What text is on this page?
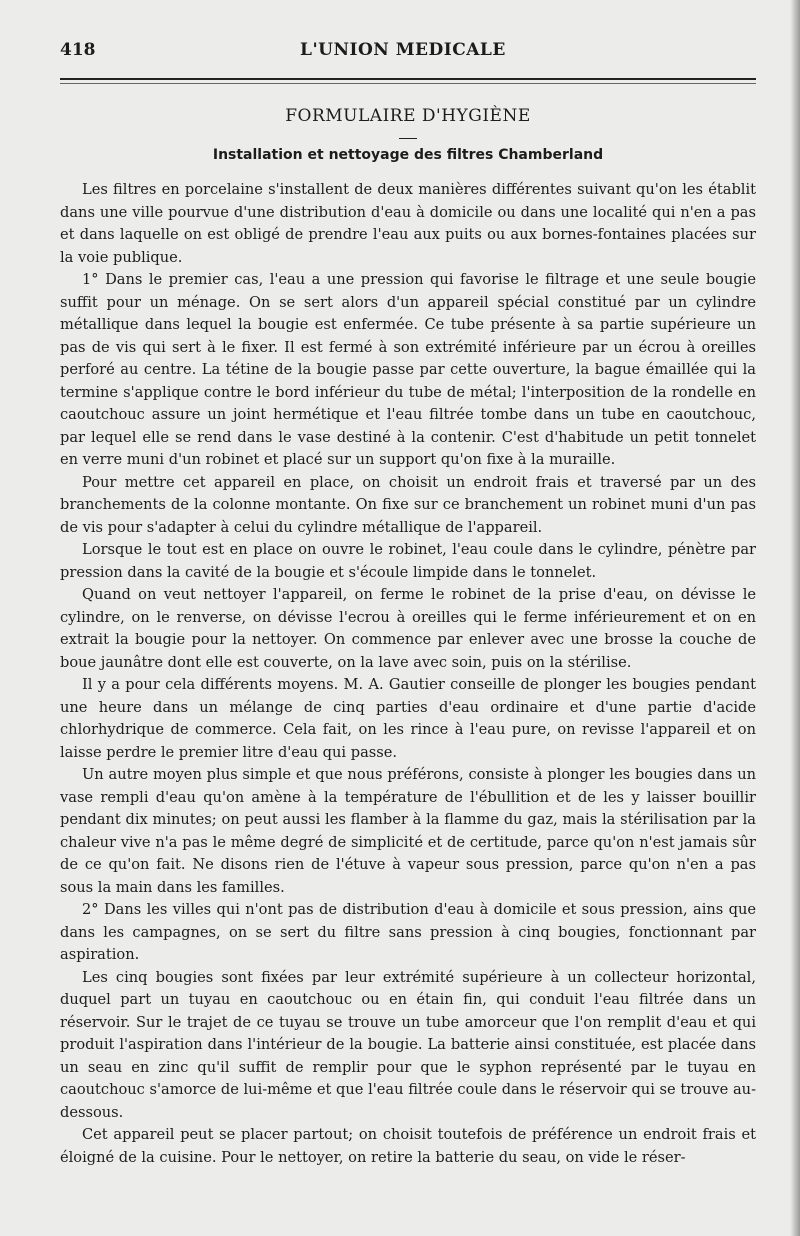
418	L'UNION MEDICALE
FORMULAIRE D'HYGIÈNE
Installation et nettoyage des filtres Chamberland

Les filtres en porcelaine s'installent de deux manières différentes suivant qu'on les établit dans une ville pourvue d'une distribution d'eau à domicile ou dans une localité qui n'en a pas et dans laquelle on est obligé de prendre l'eau aux puits ou aux bornes-fontaines placées sur la voie publique.

1° Dans le premier cas, l'eau a une pression qui favorise le filtrage et une seule bougie suffit pour un ménage. On se sert alors d'un appareil spécial constitué par un cylindre métallique dans lequel la bougie est enfermée. Ce tube présente à sa partie supérieure un pas de vis qui sert à le fixer. Il est fermé à son extrémité inférieure par un écrou à oreilles perforé au centre. La tétine de la bougie passe par cette ouverture, la bague émaillée qui la termine s'applique contre le bord inférieur du tube de métal; l'interposition de la rondelle en caoutchouc assure un joint hermétique et l'eau filtrée tombe dans un tube en caoutchouc, par lequel elle se rend dans le vase destiné à la contenir. C'est d'habitude un petit tonnelet en verre muni d'un robinet et placé sur un support qu'on fixe à la muraille.

Pour mettre cet appareil en place, on choisit un endroit frais et traversé par un des branchements de la colonne montante. On fixe sur ce branchement un robinet muni d'un pas de vis pour s'adapter à celui du cylindre métallique de l'appareil.

Lorsque le tout est en place on ouvre le robinet, l'eau coule dans le cylindre, pénètre par pression dans la cavité de la bougie et s'écoule limpide dans le tonnelet.

Quand on veut nettoyer l'appareil, on ferme le robinet de la prise d'eau, on dévisse le cylindre, on le renverse, on dévisse l'ecrou à oreilles qui le ferme inférieurement et on en extrait la bougie pour la nettoyer. On commence par enlever avec une brosse la couche de boue jaunâtre dont elle est couverte, on la lave avec soin, puis on la stérilise.

Il y a pour cela différents moyens. M. A. Gautier conseille de plonger les bougies pendant une heure dans un mélange de cinq parties d'eau ordinaire et d'une partie d'acide chlorhydrique de commerce. Cela fait, on les rince à l'eau pure, on revisse l'appareil et on laisse perdre le premier litre d'eau qui passe.

Un autre moyen plus simple et que nous préférons, consiste à plonger les bougies dans un vase rempli d'eau qu'on amène à la température de l'ébullition et de les y laisser bouillir pendant dix minutes; on peut aussi les flamber à la flamme du gaz, mais la stérilisation par la chaleur vive n'a pas le même degré de simplicité et de certitude, parce qu'on n'est jamais sûr de ce qu'on fait. Ne disons rien de l'étuve à vapeur sous pression, parce qu'on n'en a pas sous la main dans les familles.

2° Dans les villes qui n'ont pas de distribution d'eau à domicile et sous pression, ains que dans les campagnes, on se sert du filtre sans pression à cinq bougies, fonctionnant par aspiration.

Les cinq bougies sont fixées par leur extrémité supérieure à un collecteur horizontal, duquel part un tuyau en caoutchouc ou en étain fin, qui conduit l'eau filtrée dans un réservoir. Sur le trajet de ce tuyau se trouve un tube amorceur que l'on remplit d'eau et qui produit l'aspiration dans l'intérieur de la bougie. La batterie ainsi constituée, est placée dans un seau en zinc qu'il suffit de remplir pour que le syphon représenté par le tuyau en caoutchouc s'amorce de lui-même et que l'eau filtrée coule dans le réservoir qui se trouve au-dessous.

Cet appareil peut se placer partout; on choisit toutefois de préférence un endroit frais et éloigné de la cuisine. Pour le nettoyer, on retire la batterie du seau, on vide le réser-
